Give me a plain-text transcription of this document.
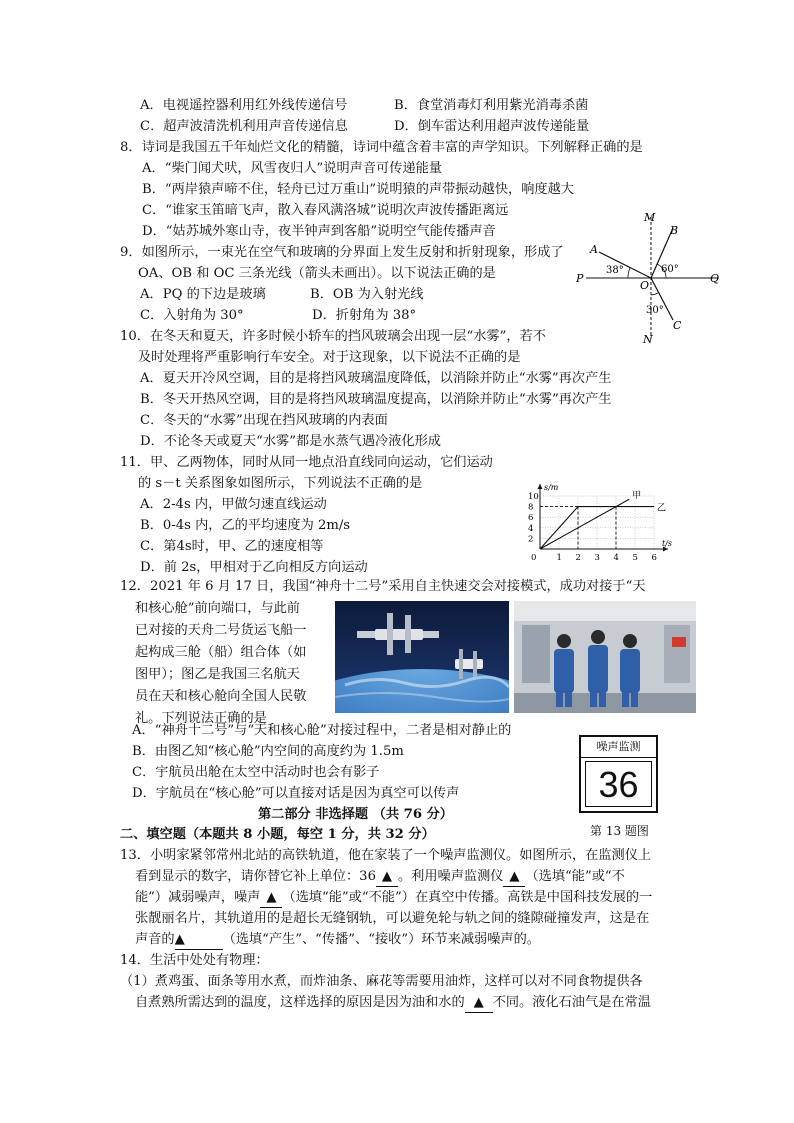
A．电视遥控器利用红外线传递信号	B．食堂消毒灯利用紫光消毒杀菌
C．超声波清洗机利用声音传递信息	D．倒车雷达利用超声波传递能量
8．诗词是我国五千年灿烂文化的精髓，诗词中蕴含着丰富的声学知识。下列解释正确的是
A．“柴门闻犬吠，风雪夜归人”说明声音可传递能量
B．“两岸猿声啼不住，轻舟已过万重山”说明猿的声带振动越快，响度越大
C．“谁家玉笛暗飞声，散入春风满洛城”说明次声波传播距离远
D．“姑苏城外寒山寺，夜半钟声到客船”说明空气能传播声音
9．如图所示，一束光在空气和玻璃的分界面上发生反射和折射现象，形成了
OA、OB 和 OC 三条光线（箭头未画出）。以下说法正确的是
A．PQ 的下边是玻璃	B．OB 为入射光线
C．入射角为 30°	D．折射角为 38°
M
B
A
38°	60°
P	Q
O
30°
C
N
10．在冬天和夏天，许多时候小轿车的挡风玻璃会出现一层“水雾”，若不
及时处理将严重影响行车安全。对于这现象，以下说法不正确的是
A．夏天开冷风空调，目的是将挡风玻璃温度降低，以消除并防止“水雾”再次产生
B．冬天开热风空调，目的是将挡风玻璃温度提高，以消除并防止“水雾”再次产生
C．冬天的“水雾”出现在挡风玻璃的内表面
D．不论冬天或夏天“水雾”都是水蒸气遇冷液化形成
11．甲、乙两物体，同时从同一地点沿直线同向运动，它们运动
的 s－t 关系图象如图所示，下列说法不正确的是
A．2-4s 内，甲做匀速直线运动
B．0-4s 内，乙的平均速度为 2m/s
C．第4s时，甲、乙的速度相等
D．前 2s，甲相对于乙向相反方向运动
0 1 2 3 4 5 6
2
4
6
8
10
t/s
s/m
甲
乙
12．2021 年 6 月 17 日，我国“神舟十二号”采用自主快速交会对接模式，成功对接于“天
和核心舱”前向端口，与此前
已对接的天舟二号货运飞船一
起构成三舱（船）组合体（如
图甲）；图乙是我国三名航天
员在天和核心舱向全国人民敬
礼。下列说法正确的是
A．“神舟十二号”与“天和核心舱”对接过程中，二者是相对静止的
B．由图乙知“核心舱”内空间的高度约为 1.5m
C．宇航员出舱在太空中活动时也会有影子
D．宇航员在“核心舱”可以直接对话是因为真空可以传声
噪声监测
36
第 13 题图
第二部分 非选择题 （共 76 分）
二、填空题（本题共 8 小题，每空 1 分，共 32 分）
13．小明家紧邻常州北站的高铁轨道，他在家装了一个噪声监测仪。如图所示，在监测仪上
看到显示的数字，请你替它补上单位：36 ▲ 。利用噪声监测仪 ▲ （选填“能”或“不
能”）减弱噪声，噪声 ▲ （选填“能”或“不能”）在真空中传播。高铁是中国科技发展的一
张靓丽名片，其轨道用的是超长无缝钢轨，可以避免轮与轨之间的缝隙碰撞发声，这是在
声音的▲	（选填“产生”、“传播”、“接收”）环节来减弱噪声的。
14．生活中处处有物理：
（1）煮鸡蛋、面条等用水煮，而炸油条、麻花等需要用油炸，这样可以对不同食物提供各
自煮熟所需达到的温度，这样选择的原因是因为油和水的 ▲ 不同。液化石油气是在常温
